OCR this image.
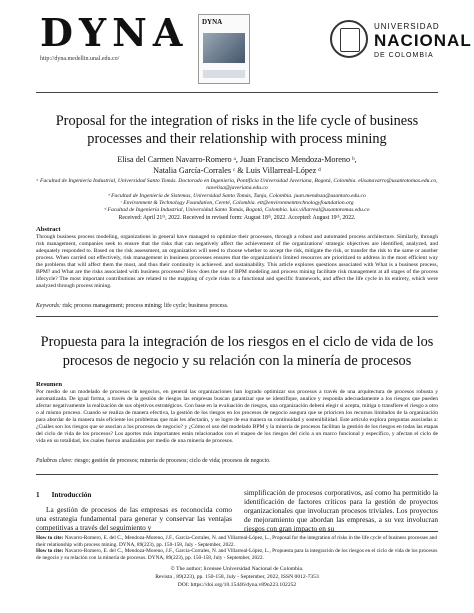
DYNA
http://dyna.medellin.unal.edu.co/
DYNA	UNIVERSIDAD
NACIONAL
DE COLOMBIA
Proposal for the integration of risks in the life cycle of business processes and their relationship with process mining
Elisa del Carmen Navarro-Romero ᵃ, Juan Francisco Mendoza-Moreno ᵇ,
Natalia García-Corrales ᶜ & Luis Villarreal-López ᵈ
ᵃ Facultad de Ingeniería Industrial, Universidad Santo Tomás. Doctorado en Ingeniería, Pontificia Universidad Javeriana, Bogotá, Colombia. elisanavarro@usantotomas.edu.co, navelisa@javeriana.edu.co
ᵇ Facultad de Ingeniería de Sistemas, Universidad Santo Tomás, Tunja, Colombia. juan.mendoza@usantoto.edu.co
ᶜ Environment & Technology Foundation, Cereté, Colombia. ett@environmenttechnologyfoundation.org
ᵈ Facultad de Ingeniería Industrial, Universidad Santo Tomás, Bogotá, Colombia. luis.villarreal@usantotomas.edu.co
Received: April 21ᵗʰ, 2022. Received in revised form: August 18ᵗʰ, 2022. Accepted: August 19ᵗʰ, 2022.
Abstract
Through business process modeling, organizations in general have managed to optimize their processes, through a robust and automated process architecture. Similarly, through risk management, companies seek to ensure that the risks that can negatively affect the achievement of the organizations' strategic objectives are identified, analyzed, and adequately responded to. Based on the risk assessment, an organization will need to choose whether to accept the risk, mitigate the risk, or transfer the risk to the same or another process. When carried out effectively, risk management in business processes ensures that the organization's limited resources are prioritized to address in the most efficient way the problems that will affect them the most, and thus their continuity is achieved. and sustainability. This article explores questions associated with What is a business process, BPM? and What are the risks associated with business processes? How does the use of BPM modeling and process mining facilitate risk management at all stages of the process lifecycle? The most important contributions are related to the mapping of cycle risks to a functional and specific framework, and affect the life cycle in its entirety, which were analyzed through process mining.
Keywords: risk; process management; process mining; life cycle; business process.
Propuesta para la integración de los riesgos en el ciclo de vida de los procesos de negocio y su relación con la minería de procesos
Resumen
Por medio de un modelado de procesos de negocios, en general las organizaciones han logrado optimizar sus procesos a través de una arquitectura de procesos robusta y automatizada. De igual forma, a través de la gestión de riesgos las empresas buscan garantizar que se identifique, analice y responda adecuadamente a los riesgos que pueden afectar negativamente la realización de sus objetivos estratégicos. Con base en la evaluación de riesgos, una organización deberá elegir si acepta, mitiga o transfiere el riesgo a otro o al mismo proceso. Cuando se realiza de manera efectiva, la gestión de los riesgos en los procesos de negocio asegura que se prioricen los recursos limitados de la organización para abordar de la manera más eficiente los problemas que más les afectarán, y se logre de esa manera su continuidad y sostenibilidad. Este artículo explora preguntas asociadas a: ¿Cuáles son los riesgos que se asocian a los procesos de negocio? y ¿Cómo el uso del modelado BPM y la minería de procesos facilitan la gestión de los riesgos en todas las etapas del ciclo de vida de los procesos? Los aportes más importantes están relacionados con el mapeo de los riesgos del ciclo a un marco funcional y específico, y afectan el ciclo de vida en su totalidad, los cuales fueron analizados por medio de una minería de procesos.
Palabras clave: riesgo; gestión de procesos; minería de procesos; ciclo de vida; procesos de negocio.
1 Introducción
La gestión de procesos de las empresas es reconocida como una estrategia fundamental para generar y conservar las ventajas competitivas a través del seguimiento y
simplificación de procesos corporativos, así como ha permitido la identificación de factores críticos para la gestión de proyectos organizacionales que involucran procesos triviales. Los proyectos de mejoramiento que abordan las empresas, a su vez involucran riesgos con gran impacto en su
How to cite: Navarro-Romero, E. del C., Mendoza-Moreno, J.F., García-Corrales, N. and Villarreal-López, L., Proposal for the integration of risks in the life cycle of business processes and their relationship with process mining. DYNA, 89(223), pp. 150-158, July - September, 2022.
How to cite: Navarro-Romero, E. del C., Mendoza-Moreno, J.F., García-Corrales, N. and Villarreal-López, L., Propuesta para la integración de los riesgos en el ciclo de vida de los procesos de negocio y su relación con la minería de procesos. DYNA, 89(223), pp. 150-158, July - September, 2022.
© The author; licensee Universidad Nacional de Colombia.
Revista , 89(223), pp. 150-158, July - September, 2022, ISSN 0012-7353
DOI: https://doi.org/10.15446/dyna.v89n223.102252
